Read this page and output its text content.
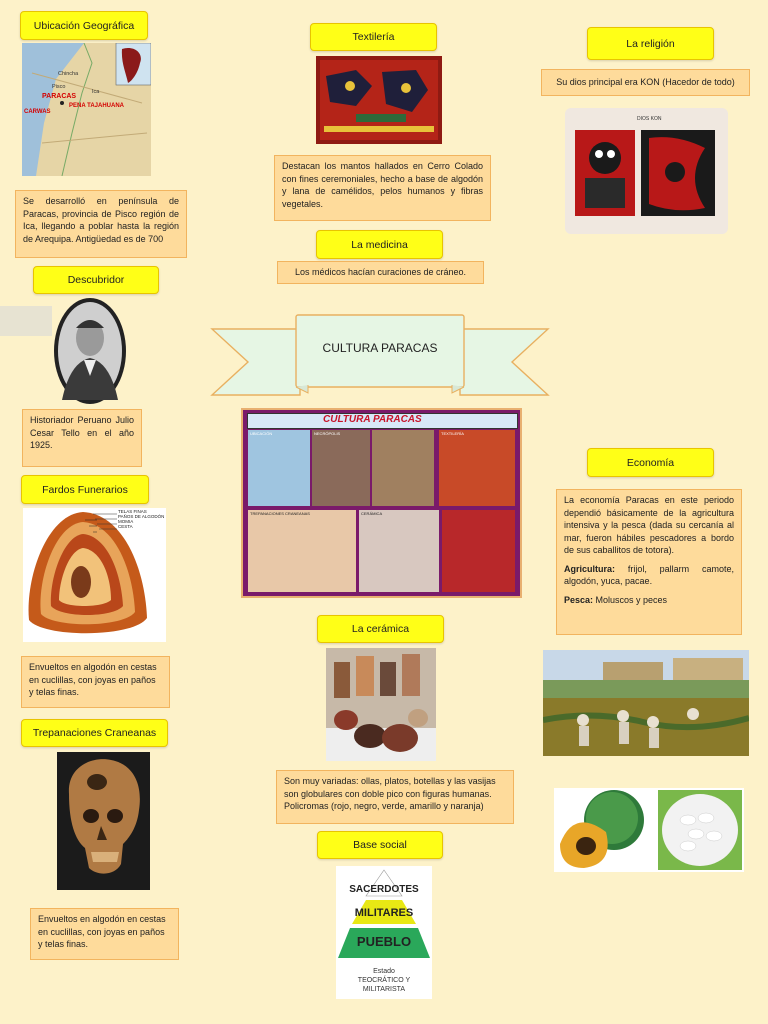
Ubicación Geográfica
PARACAS
PENA TAJAHUANA
CARWAS
Chincha
Pisco
Ica
Se desarrolló en península de Paracas, provincia de Pisco región de Ica, llegando a poblar hasta la región de Arequipa. Antigüedad es de 700
Descubridor
Historiador Peruano Julio Cesar Tello en el año 1925.
Fardos Funerarios
TELAS FINAS
PAÑOS DE ALGODÓN
MOMIA
CESTA
Envueltos en algodón en cestas en cuclillas, con joyas en paños y telas finas.
Trepanaciones Craneanas
Envueltos en algodón en cestas en cuclillas, con joyas en paños y telas finas.
Textilería
Destacan los mantos hallados en Cerro Colado con fines ceremoniales, hecho a base de algodón y lana de camélidos, pelos humanos y fibras vegetales.
La medicina
Los médicos hacían curaciones de cráneo.
CULTURA PARACAS
CULTURA PARACAS
UBICACIÓN	NECRÓPOLIS	TEXTILERÍA
TREPANACIONES CRANEANAS	CERÁMICA
La cerámica
Son muy variadas: ollas, platos, botellas y las vasijas son globulares con doble pico con figuras humanas. Policromas (rojo, negro, verde, amarillo y naranja)
Base social
SACERDOTES
MILITARES
PUEBLO
Estado
TEOCRÁTICO Y
MILITARISTA
La religión
Su dios principal era KON (Hacedor de todo)
DIOS KON
Economía

La economía Paracas en este periodo dependió básicamente de la agricultura intensiva y la pesca (dada su cercanía al mar, fueron hábiles pescadores a bordo de sus caballitos de totora).

Agricultura: frijol, pallarm camote, algodón, yuca, pacae.

Pesca: Moluscos y peces
